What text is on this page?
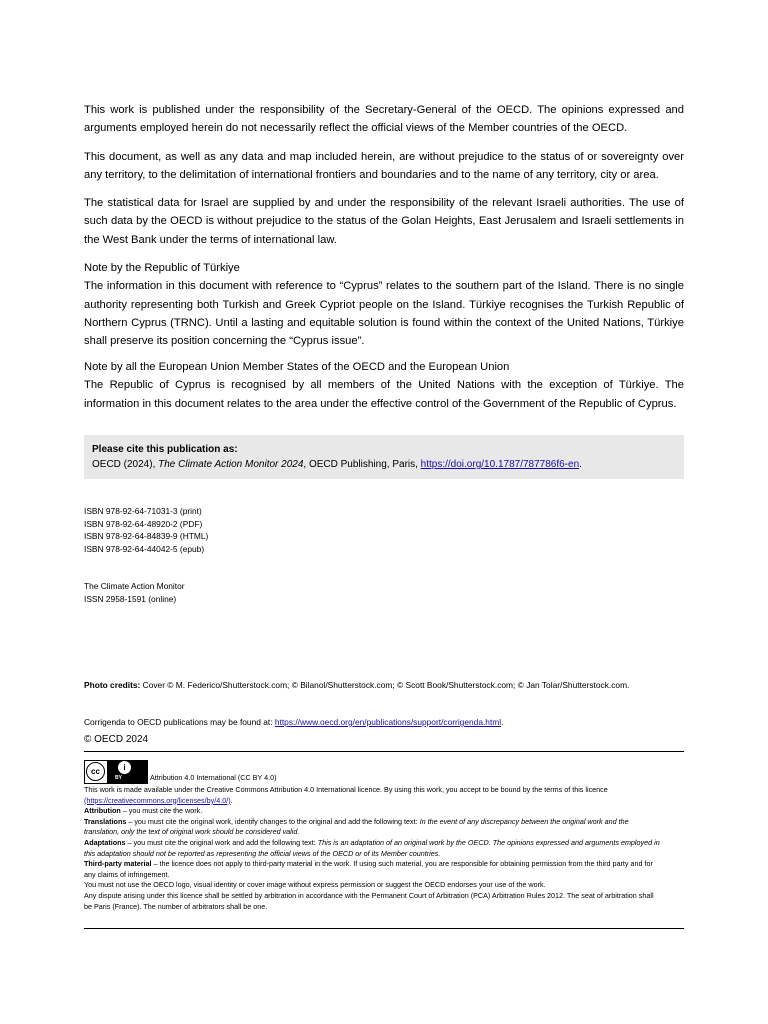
This work is published under the responsibility of the Secretary-General of the OECD. The opinions expressed and arguments employed herein do not necessarily reflect the official views of the Member countries of the OECD.

This document, as well as any data and map included herein, are without prejudice to the status of or sovereignty over any territory, to the delimitation of international frontiers and boundaries and to the name of any territory, city or area.

The statistical data for Israel are supplied by and under the responsibility of the relevant Israeli authorities. The use of such data by the OECD is without prejudice to the status of the Golan Heights, East Jerusalem and Israeli settlements in the West Bank under the terms of international law.

Note by the Republic of Türkiye

The information in this document with reference to “Cyprus” relates to the southern part of the Island. There is no single authority representing both Turkish and Greek Cypriot people on the Island. Türkiye recognises the Turkish Republic of Northern Cyprus (TRNC). Until a lasting and equitable solution is found within the context of the United Nations, Türkiye shall preserve its position concerning the “Cyprus issue”.

Note by all the European Union Member States of the OECD and the European Union

The Republic of Cyprus is recognised by all members of the United Nations with the exception of Türkiye. The information in this document relates to the area under the effective control of the Government of the Republic of Cyprus.

Please cite this publication as:
OECD (2024), The Climate Action Monitor 2024, OECD Publishing, Paris, https://doi.org/10.1787/787786f6-en.
ISBN 978-92-64-71031-3 (print)
ISBN 978-92-64-48920-2 (PDF)
ISBN 978-92-64-84839-9 (HTML)
ISBN 978-92-64-44042-5 (epub)
The Climate Action Monitor
ISSN 2958-1591 (online)
Photo credits: Cover © M. Federico/Shutterstock.com; © Bilanol/Shutterstock.com; © Scott Book/Shutterstock.com; © Jan Tolar/Shutterstock.com.
Corrigenda to OECD publications may be found at: https://www.oecd.org/en/publications/support/corrigenda.html.
© OECD 2024
cc	i
BY	Attribution 4.0 International (CC BY 4.0)
This work is made available under the Creative Commons Attribution 4.0 International licence. By using this work, you accept to be bound by the terms of this licence
(https://creativecommons.org/licenses/by/4.0/).
Attribution – you must cite the work.
Translations – you must cite the original work, identify changes to the original and add the following text: In the event of any discrepancy between the original work and the
translation, only the text of original work should be considered valid.
Adaptations – you must cite the original work and add the following text: This is an adaptation of an original work by the OECD. The opinions expressed and arguments employed in
this adaptation should not be reported as representing the official views of the OECD or of its Member countries.
Third-party material – the licence does not apply to third-party material in the work. If using such material, you are responsible for obtaining permission from the third party and for
any claims of infringement.
You must not use the OECD logo, visual identity or cover image without express permission or suggest the OECD endorses your use of the work.
Any dispute arising under this licence shall be settled by arbitration in accordance with the Permanent Court of Arbitration (PCA) Arbitration Rules 2012. The seat of arbitration shall
be Paris (France). The number of arbitrators shall be one.
